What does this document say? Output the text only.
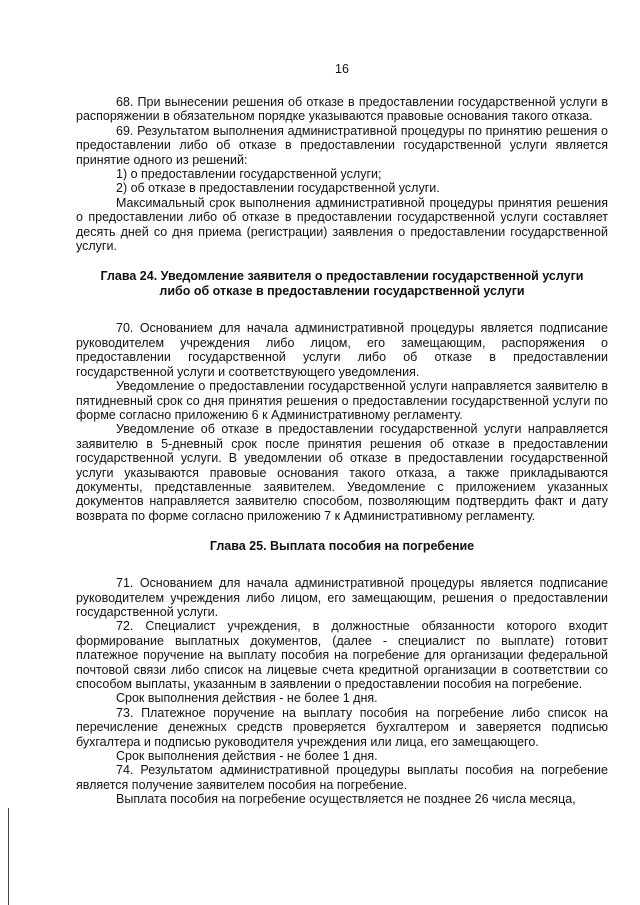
16

68. При вынесении решения об отказе в предоставлении государственной услуги в распоряжении в обязательном порядке указываются правовые основания такого отказа.

69. Результатом выполнения административной процедуры по принятию решения о предоставлении либо об отказе в предоставлении государственной услуги является принятие одного из решений:

1) о предоставлении государственной услуги;

2) об отказе в предоставлении государственной услуги.

Максимальный срок выполнения административной процедуры принятия решения о предоставлении либо об отказе в предоставлении государственной услуги составляет десять дней со дня приема (регистрации) заявления о предоставлении государственной услуги.

Глава 24. Уведомление заявителя о предоставлении государственной услуги
либо об отказе в предоставлении государственной услуги

70. Основанием для начала административной процедуры является подписание руководителем учреждения либо лицом, его замещающим, распоряжения о предоставлении государственной услуги либо об отказе в предоставлении государственной услуги и соответствующего уведомления.

Уведомление о предоставлении государственной услуги направляется заявителю в пятидневный срок со дня принятия решения о предоставлении государственной услуги по форме согласно приложению 6 к Административному регламенту.

Уведомление об отказе в предоставлении государственной услуги направляется заявителю в 5-дневный срок после принятия решения об отказе в предоставлении государственной услуги. В уведомлении об отказе в предоставлении государственной услуги указываются правовые основания такого отказа, а также прикладываются документы, представленные заявителем. Уведомление с приложением указанных документов направляется заявителю способом, позволяющим подтвердить факт и дату возврата по форме согласно приложению 7 к Административному регламенту.

Глава 25. Выплата пособия на погребение

71. Основанием для начала административной процедуры является подписание руководителем учреждения либо лицом, его замещающим, решения о предоставлении государственной услуги.

72. Специалист учреждения, в должностные обязанности которого входит формирование выплатных документов, (далее - специалист по выплате) готовит платежное поручение на выплату пособия на погребение для организации федеральной почтовой связи либо список на лицевые счета кредитной организации в соответствии со способом выплаты, указанным в заявлении о предоставлении пособия на погребение.

Срок выполнения действия - не более 1 дня.

73. Платежное поручение на выплату пособия на погребение либо список на перечисление денежных средств проверяется бухгалтером и заверяется подписью бухгалтера и подписью руководителя учреждения или лица, его замещающего.

Срок выполнения действия - не более 1 дня.

74. Результатом административной процедуры выплаты пособия на погребение является получение заявителем пособия на погребение.

Выплата пособия на погребение осуществляется не позднее 26 числа месяца,
